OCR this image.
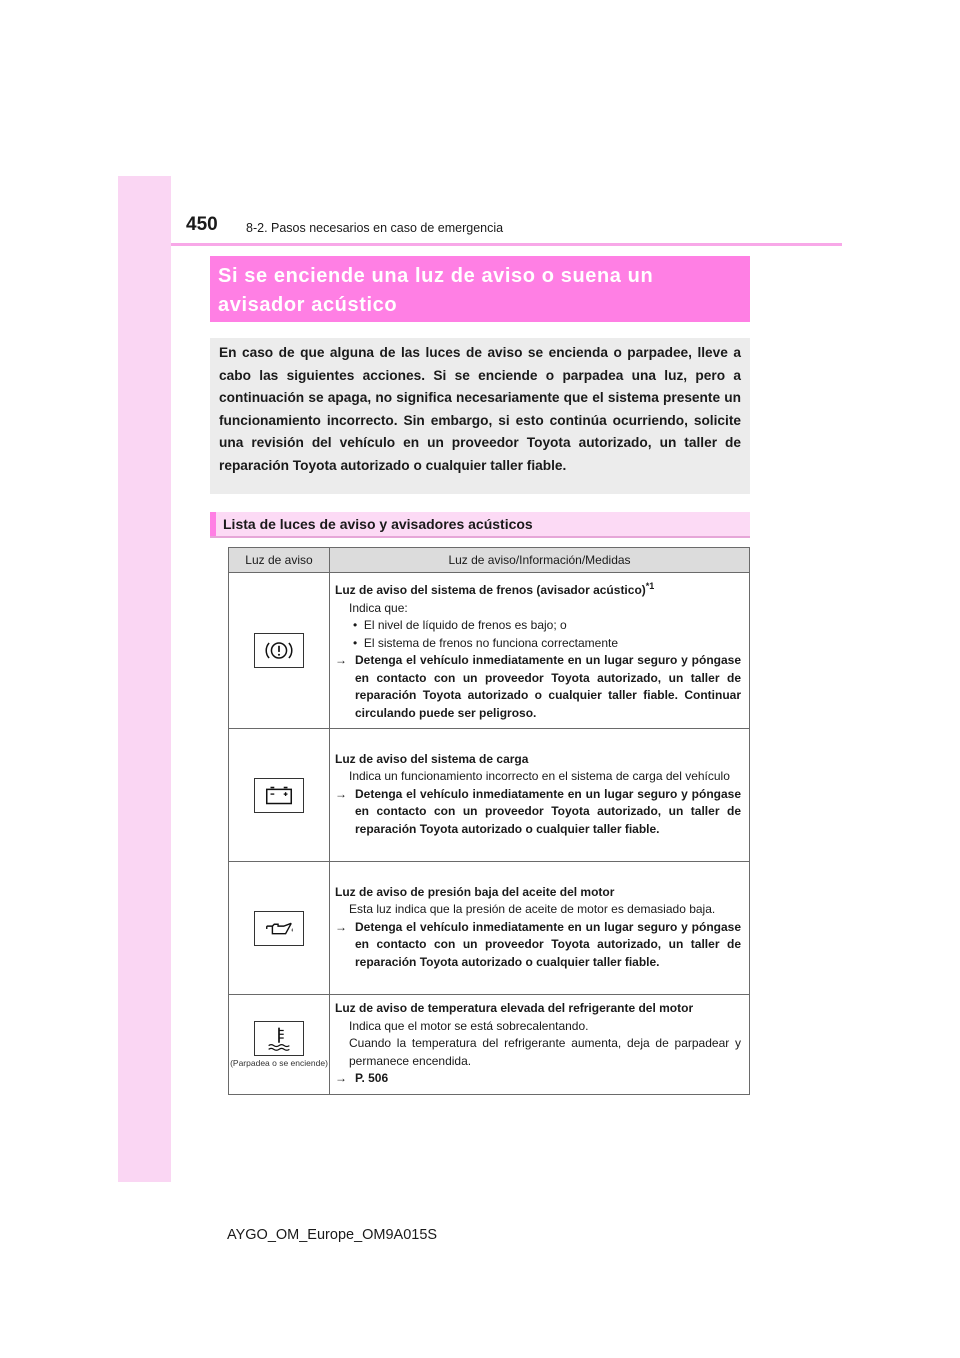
450 8-2. Pasos necesarios en caso de emergencia
Si se enciende una luz de aviso o suena un
avisador acústico
En caso de que alguna de las luces de aviso se encienda o parpadee, lleve a cabo las siguientes acciones. Si se enciende o parpadea una luz, pero a continuación se apaga, no significa necesariamente que el sistema presente un funcionamiento incorrecto. Sin embargo, si esto continúa ocurriendo, solicite una revisión del vehículo en un proveedor Toyota autorizado, un taller de reparación Toyota autorizado o cualquier taller fiable.
Lista de luces de aviso y avisadores acústicos
Luz de aviso	Luz de aviso/Información/Medidas

Luz de aviso del sistema de frenos (avisador acústico)$^{*1}$
Indica que:
• El nivel de líquido de frenos es bajo; o
• El sistema de frenos no funciona correctamente
→ Detenga el vehículo inmediatamente en un lugar seguro y póngase en contacto con un proveedor Toyota autorizado, un taller de reparación Toyota autorizado o cualquier taller fiable. Continuar circulando puede ser peligroso.

Luz de aviso del sistema de carga
Indica un funcionamiento incorrecto en el sistema de carga del vehículo
→ Detenga el vehículo inmediatamente en un lugar seguro y póngase en contacto con un proveedor Toyota autorizado, un taller de reparación Toyota autorizado o cualquier taller fiable.

Luz de aviso de presión baja del aceite del motor
Esta luz indica que la presión de aceite de motor es demasiado baja.
→ Detenga el vehículo inmediatamente en un lugar seguro y póngase en contacto con un proveedor Toyota autorizado, un taller de reparación Toyota autorizado o cualquier taller fiable.

(Parpadea o se enciende)	Luz de aviso de temperatura elevada del refrigerante del motor
Indica que el motor se está sobrecalentando.
Cuando la temperatura del refrigerante aumenta, deja de parpadear y permanece encendida.
→ P. 506
AYGO_OM_Europe_OM9A015S
